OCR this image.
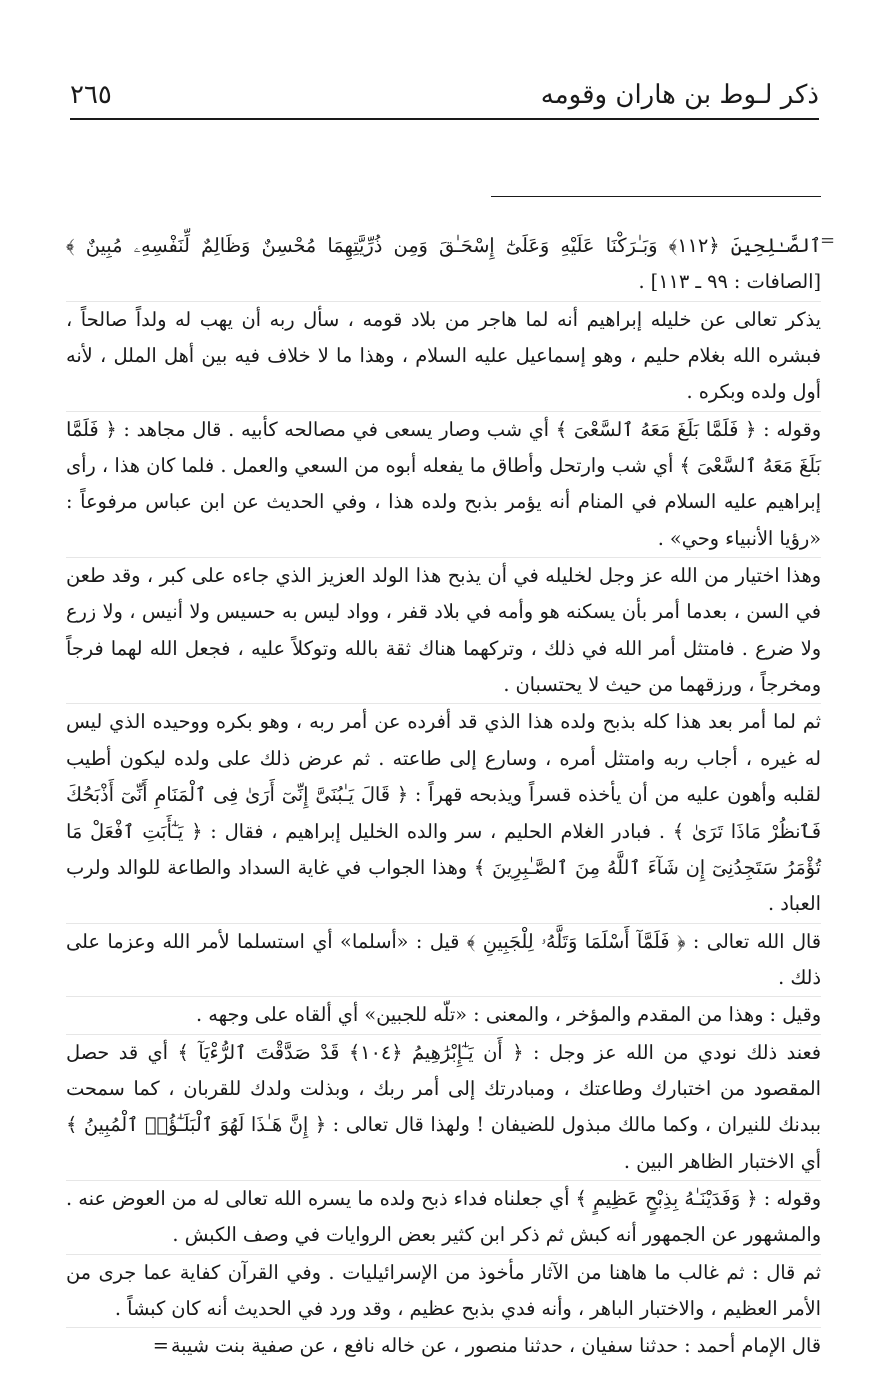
ذكر لـوط بن هاران وقومه
٢٦٥
=

ٱلصَّـٰلِحِينَ ﴿١١٢﴾ وَبَـٰرَكْنَا عَلَيْهِ وَعَلَىٰٓ إِسْحَـٰقَ وَمِن ذُرِّيَّتِهِمَا مُحْسِنٌ وَظَالِمٌ لِّنَفْسِهِۦ مُبِينٌ ﴾ [الصافات : ٩٩ ـ ١١٣] .

يذكر تعالى عن خليله إبراهيم أنه لما هاجر من بلاد قومه ، سأل ربه أن يهب له ولداً صالحاً ، فبشره الله بغلام حليم ، وهو إسماعيل عليه السلام ، وهذا ما لا خلاف فيه بين أهل الملل ، لأنه أول ولده وبكره .

وقوله : ﴿ فَلَمَّا بَلَغَ مَعَهُ ٱلسَّعْىَ ﴾ أي شب وصار يسعى في مصالحه كأبيه . قال مجاهد : ﴿ فَلَمَّا بَلَغَ مَعَهُ ٱلسَّعْىَ ﴾ أي شب وارتحل وأطاق ما يفعله أبوه من السعي والعمل . فلما كان هذا ، رأى إبراهيم عليه السلام في المنام أنه يؤمر بذبح ولده هذا ، وفي الحديث عن ابن عباس مرفوعاً : «رؤيا الأنبياء وحي» .

وهذا اختيار من الله عز وجل لخليله في أن يذبح هذا الولد العزيز الذي جاءه على كبر ، وقد طعن في السن ، بعدما أمر بأن يسكنه هو وأمه في بلاد قفر ، وواد ليس به حسيس ولا أنيس ، ولا زرع ولا ضرع . فامتثل أمر الله في ذلك ، وتركهما هناك ثقة بالله وتوكلاً عليه ، فجعل الله لهما فرجاً ومخرجاً ، ورزقهما من حيث لا يحتسبان .

ثم لما أمر بعد هذا كله بذبح ولده هذا الذي قد أفرده عن أمر ربه ، وهو بكره ووحيده الذي ليس له غيره ، أجاب ربه وامتثل أمره ، وسارع إلى طاعته . ثم عرض ذلك على ولده ليكون أطيب لقلبه وأهون عليه من أن يأخذه قسراً ويذبحه قهراً : ﴿ قَالَ يَـٰبُنَىَّ إِنِّىٓ أَرَىٰ فِى ٱلْمَنَامِ أَنِّىٓ أَذْبَحُكَ فَٱنظُرْ مَاذَا تَرَىٰ ﴾ . فبادر الغلام الحليم ، سر والده الخليل إبراهيم ، فقال : ﴿ يَـٰٓأَبَتِ ٱفْعَلْ مَا تُؤْمَرُ سَتَجِدُنِىٓ إِن شَآءَ ٱللَّهُ مِنَ ٱلصَّـٰبِرِينَ ﴾ وهذا الجواب في غاية السداد والطاعة للوالد ولرب العباد .

قال الله تعالى : ﴿ فَلَمَّآ أَسْلَمَا وَتَلَّهُۥ لِلْجَبِينِ ﴾ قيل : «أسلما» أي استسلما لأمر الله وعزما على ذلك .

وقيل : وهذا من المقدم والمؤخر ، والمعنى : «تلّه للجبين» أي ألقاه على وجهه .

فعند ذلك نودي من الله عز وجل : ﴿ أَن يَـٰٓإِبْرَٰهِيمُ ﴿١٠٤﴾ قَدْ صَدَّقْتَ ٱلرُّءْيَآ ﴾ أي قد حصل المقصود من اختبارك وطاعتك ، ومبادرتك إلى أمر ربك ، وبذلت ولدك للقربان ، كما سمحت ببدنك للنيران ، وكما مالك مبذول للضيفان ! ولهذا قال تعالى : ﴿ إِنَّ هَـٰذَا لَهُوَ ٱلْبَلَـٰٓؤُا۟ ٱلْمُبِينُ ﴾ أي الاختبار الظاهر البين .

وقوله : ﴿ وَفَدَيْنَـٰهُ بِذِبْحٍ عَظِيمٍ ﴾ أي جعلناه فداء ذبح ولده ما يسره الله تعالى له من العوض عنه . والمشهور عن الجمهور أنه كبش ثم ذكر ابن كثير بعض الروايات في وصف الكبش .

ثم قال : ثم غالب ما هاهنا من الآثار مأخوذ من الإسرائيليات . وفي القرآن كفاية عما جرى من الأمر العظيم ، والاختبار الباهر ، وأنه فدي بذبح عظيم ، وقد ورد في الحديث أنه كان كبشاً .

قال الإمام أحمد : حدثنا سفيان ، حدثنا منصور ، عن خاله نافع ، عن صفية بنت شيبة =
